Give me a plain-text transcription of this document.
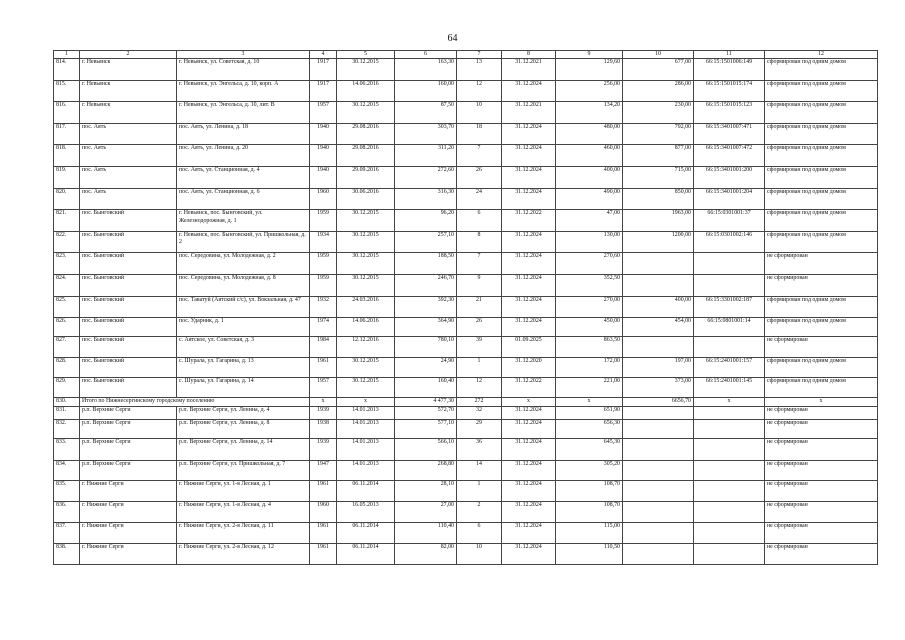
64
1	2	3	4	5	6	7	8	9	10	11	12
814.	г. Невьянск	г. Невьянск, ул. Советская, д. 10	1917	30.12.2015	163,30	13	31.12.2021	129,60	677,00	66:15:1501006:149	сформирован под одним домом
815.	г. Невьянск	г. Невьянск, ул. Энгельса, д. 10, корп. А	1917	14.06.2016	160,00	12	31.12.2024	256,00	286,00	66:15:1501015:174	сформирован под одним домом
816.	г. Невьянск	г. Невьянск, ул. Энгельса, д. 10, лит. В	1957	30.12.2015	87,50	10	31.12.2021	134,20	230,00	66:15:1501015:123	сформирован под одним домом
817.	пос. Аять	пос. Аять, ул. Ленина, д. 18	1940	29.08.2016	303,70	18	31.12.2024	480,00	792,00	66:15:3401007:471	сформирован под одним домом
818.	пос. Аять	пос. Аять, ул. Ленина, д. 20	1940	29.08.2016	311,20	7	31.12.2024	460,00	877,00	66:15:3401007:472	сформирован под одним домом
819.	пос. Аять	пос. Аять, ул. Станционная, д. 4	1940	29.09.2016	272,60	26	31.12.2024	400,00	715,00	66:15:3401001:200	сформирован под одним домом
820.	пос. Аять	пос. Аять, ул. Станционная, д. 6	1960	30.06.2016	316,30	24	31.12.2024	490,00	850,00	66:15:3401001:204	сформирован под одним домом
821.	пос. Бынговский	г. Невьянск, пос. Бынговский, ул. Железнодорожная, д. 1	1959	30.12.2015	96,20	6	31.12.2022	47,00	1963,00	66:15:0301001:37	сформирован под одним домом
822.	пос. Бынговский	г. Невьянск, пос. Бынговский, ул. Пришкольная, д. 2	1934	30.12.2015	257,10	8	31.12.2024	130,00	1200,00	66:15:0301002:146	сформирован под одним домом
823.	пос. Бынговский	пос. Середовина, ул. Молодежная, д. 2	1959	30.12.2015	188,50	7	31.12.2024	270,60			не сформирован
824.	пос. Бынговский	пос. Середовина, ул. Молодежная, д. 8	1959	30.12.2015	246,70	9	31.12.2024	352,50			не сформирован
825.	пос. Бынговский	пос. Таватуй (Аятский с/с), ул. Вокзальная, д. 47	1932	24.03.2016	392,30	21	31.12.2024	270,00	400,00	66:15:3301002:187	сформирован под одним домом
826.	пос. Бынговский	пос. Ударник, д. 1	1974	14.06.2016	364,90	26	31.12.2024	450,00	454,00	66:15:0801001:14	сформирован под одним домом
827.	пос. Бынговский	с. Аятское, ул. Советская, д. 3	1984	12.12.2016	780,10	39	01.09.2025	863,50			не сформирован
828.	пос. Бынговский	с. Шурала, ул. Гагарина, д. 13	1961	30.12.2015	24,90	1	31.12.2020	172,00	197,00	66:15:2401001:157	сформирован под одним домом
829.	пос. Бынговский	с. Шурала, ул. Гагарина, д. 14	1957	30.12.2015	160,40	12	31.12.2022	221,00	373,00	66:15:2401001:145	сформирован под одним домом
830.	Итого по Нижнесергинскому городскому поселению		x	x	4 477,30	272	x	x	6656,70	x	x
831.	р.п. Верхние Серги	р.п. Верхние Серги, ул. Ленина, д. 4	1939	14.01.2013	572,70	32	31.12.2024	651,90			не сформирован
832.	р.п. Верхние Серги	р.п. Верхние Серги, ул. Ленина, д. 8	1938	14.01.2013	577,10	29	31.12.2024	656,30			не сформирован
833.	р.п. Верхние Серги	р.п. Верхние Серги, ул. Ленина, д. 14	1939	14.01.2013	566,10	36	31.12.2024	645,30			не сформирован
834.	р.п. Верхние Серги	р.п. Верхние Серги, ул. Пришкольная, д. 7	1947	14.01.2013	268,80	14	31.12.2024	305,20			не сформирован
835.	г. Нижние Серги	г. Нижние Серги, ул. 1-я Лесная, д. 1	1961	06.11.2014	28,10	1	31.12.2024	108,70			не сформирован
836.	г. Нижние Серги	г. Нижние Серги, ул. 1-я Лесная, д. 4	1960	16.05.2013	27,00	2	31.12.2024	108,70			не сформирован
837.	г. Нижние Серги	г. Нижние Серги, ул. 2-я Лесная, д. 11	1961	06.11.2014	110,40	6	31.12.2024	115,00			не сформирован
838.	г. Нижние Серги	г. Нижние Серги, ул. 2-я Лесная, д. 12	1961	06.11.2014	82,00	10	31.12.2024	110,50			не сформирован
